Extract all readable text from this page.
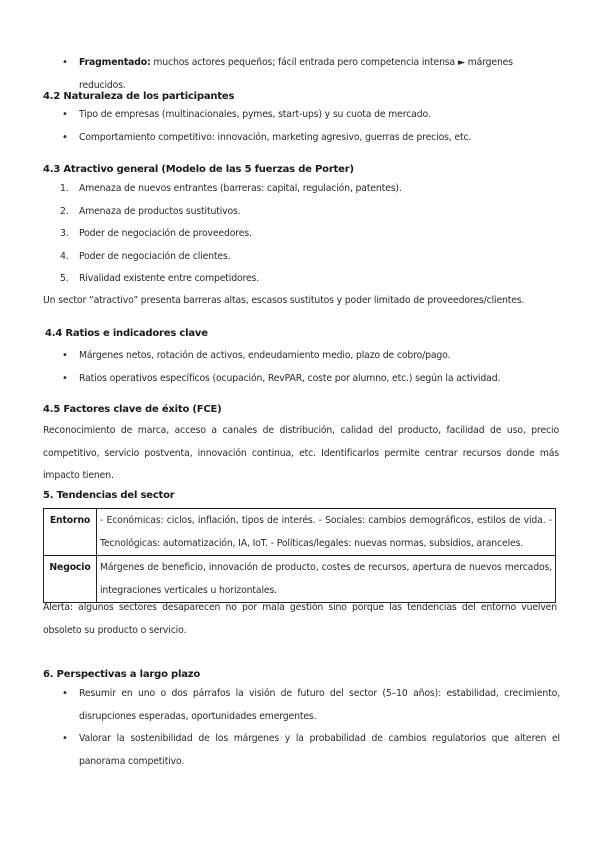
• Fragmentado: muchos actores pequeños; fácil entrada pero competencia intensa ► márgenes reducidos.
4.2 Naturaleza de los participantes
• Tipo de empresas (multinacionales, pymes, start-ups) y su cuota de mercado.
• Comportamiento competitivo: innovación, marketing agresivo, guerras de precios, etc.
4.3 Atractivo general (Modelo de las 5 fuerzas de Porter)
1.	Amenaza de nuevos entrantes (barreras: capital, regulación, patentes).
2.	Amenaza de productos sustitutivos.
3.	Poder de negociación de proveedores.
4.	Poder de negociación de clientes.
5.	Rivalidad existente entre competidores.
Un sector “atractivo” presenta barreras altas, escasos sustitutos y poder limitado de proveedores/clientes.
4.4 Ratios e indicadores clave
• Márgenes netos, rotación de activos, endeudamiento medio, plazo de cobro/pago.
• Ratios operativos específicos (ocupación, RevPAR, coste por alumno, etc.) según la actividad.
4.5 Factores clave de éxito (FCE)
Reconocimiento de marca, acceso a canales de distribución, calidad del producto, facilidad de uso, precio competitivo, servicio postventa, innovación continua, etc. Identificarlos permite centrar recursos donde más impacto tienen.
5. Tendencias del sector
Entorno	- Económicas: ciclos, inflación, tipos de interés. - Sociales: cambios demográficos, estilos de vida. - Tecnológicas: automatización, IA, IoT. - Políticas/legales: nuevas normas, subsidios, aranceles.
Negocio	Márgenes de beneficio, innovación de producto, costes de recursos, apertura de nuevos mercados, integraciones verticales u horizontales.
Alerta: algunos sectores desaparecen no por mala gestión sino porque las tendencias del entorno vuelven obsoleto su producto o servicio.
6. Perspectivas a largo plazo
• Resumir en uno o dos párrafos la visión de futuro del sector (5–10 años): estabilidad, crecimiento, disrupciones esperadas, oportunidades emergentes.
• Valorar la sostenibilidad de los márgenes y la probabilidad de cambios regulatorios que alteren el panorama competitivo.
